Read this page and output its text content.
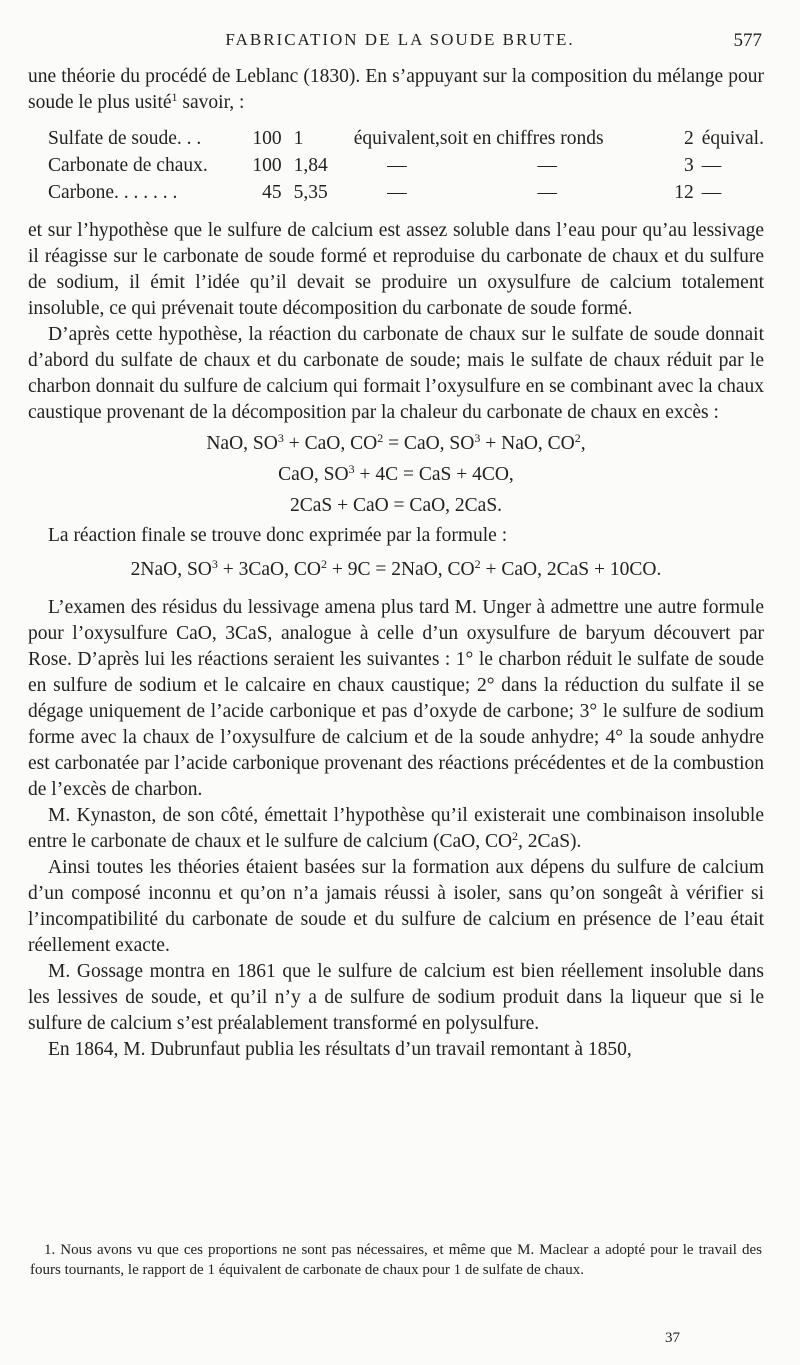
FABRICATION DE LA SOUDE BRUTE.	577

une théorie du procédé de Leblanc (1830). En s’appuyant sur la composition du mélange pour soude le plus usité$^1$ savoir, :

Sulfate de soude. . .	100	1	équivalent,	soit en chiffres ronds	2	équival.
Carbonate de chaux.	100	1,84	—	—	3	—
Carbone. . . . . . .	45	5,35	—	—	12	—

et sur l’hypothèse que le sulfure de calcium est assez soluble dans l’eau pour qu’au lessivage il réagisse sur le carbonate de soude formé et reproduise du carbonate de chaux et du sulfure de sodium, il émit l’idée qu’il devait se produire un oxysulfure de calcium totalement insoluble, ce qui prévenait toute décomposition du carbonate de soude formé.

D’après cette hypothèse, la réaction du carbonate de chaux sur le sulfate de soude donnait d’abord du sulfate de chaux et du carbonate de soude; mais le sulfate de chaux réduit par le charbon donnait du sulfure de calcium qui formait l’oxysulfure en se combinant avec la chaux caustique provenant de la décomposition par la chaleur du carbonate de chaux en excès :

NaO, $SO^3$ + CaO, $CO^2$ = CaO, $SO^3$ + NaO, $CO^2$,
CaO, $SO^3 + 4C$ = CaS + 4CO,
2CaS + CaO = CaO, 2CaS.

La réaction finale se trouve donc exprimée par la formule :

2NaO, $SO^3 + 3CaO$, $CO^2 + 9C = 2NaO$, $CO^2$ + CaO, 2CaS + 10CO.

L’examen des résidus du lessivage amena plus tard M. Unger à admettre une autre formule pour l’oxysulfure CaO, 3CaS, analogue à celle d’un oxysulfure de baryum découvert par Rose. D’après lui les réactions seraient les suivantes : 1° le charbon réduit le sulfate de soude en sulfure de sodium et le calcaire en chaux caustique; 2° dans la réduction du sulfate il se dégage uniquement de l’acide carbonique et pas d’oxyde de carbone; 3° le sulfure de sodium forme avec la chaux de l’oxysulfure de calcium et de la soude anhydre; 4° la soude anhydre est carbonatée par l’acide carbonique provenant des réactions précédentes et de la combustion de l’excès de charbon.

M. Kynaston, de son côté, émettait l’hypothèse qu’il existerait une combinaison insoluble entre le carbonate de chaux et le sulfure de calcium (CaO, $CO^2$, 2CaS).

Ainsi toutes les théories étaient basées sur la formation aux dépens du sulfure de calcium d’un composé inconnu et qu’on n’a jamais réussi à isoler, sans qu’on songeât à vérifier si l’incompatibilité du carbonate de soude et du sulfure de calcium en présence de l’eau était réellement exacte.

M. Gossage montra en 1861 que le sulfure de calcium est bien réellement insoluble dans les lessives de soude, et qu’il n’y a de sulfure de sodium produit dans la liqueur que si le sulfure de calcium s’est préalablement transformé en polysulfure.

En 1864, M. Dubrunfaut publia les résultats d’un travail remontant à 1850,

1. Nous avons vu que ces proportions ne sont pas nécessaires, et même que M. Maclear a adopté pour le travail des fours tournants, le rapport de 1 équivalent de carbonate de chaux pour 1 de sulfate de chaux.
37
